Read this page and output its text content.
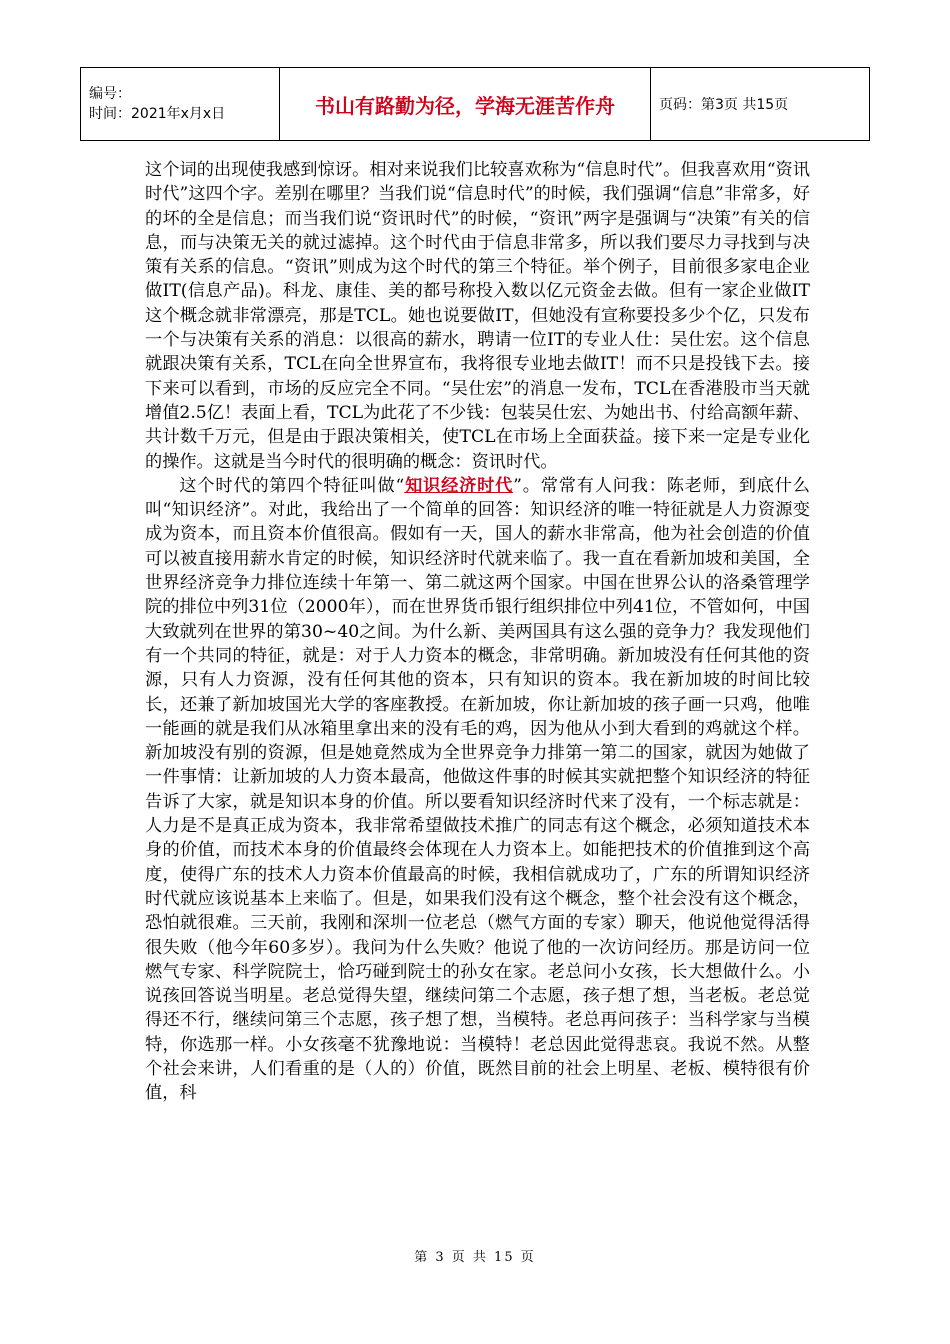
编号：
时间：2021年x月x日	书山有路勤为径，学海无涯苦作舟	页码：第3页 共15页

这个词的出现使我感到惊讶。相对来说我们比较喜欢称为“信息时代”。但我喜欢用“资讯时代”这四个字。差别在哪里？当我们说“信息时代”的时候，我们强调“信息”非常多，好的坏的全是信息；而当我们说“资讯时代”的时候，“资讯”两字是强调与“决策”有关的信息，而与决策无关的就过滤掉。这个时代由于信息非常多，所以我们要尽力寻找到与决策有关系的信息。“资讯”则成为这个时代的第三个特征。举个例子，目前很多家电企业做IT(信息产品)。科龙、康佳、美的都号称投入数以亿元资金去做。但有一家企业做IT这个概念就非常漂亮，那是TCL。她也说要做IT，但她没有宣称要投多少个亿，只发布一个与决策有关系的消息：以很高的薪水，聘请一位IT的专业人仕：吴仕宏。这个信息就跟决策有关系，TCL在向全世界宣布，我将很专业地去做IT！而不只是投钱下去。接下来可以看到，市场的反应完全不同。“吴仕宏”的消息一发布，TCL在香港股市当天就增值2.5亿！表面上看，TCL为此花了不少钱：包装吴仕宏、为她出书、付给高额年薪、共计数千万元，但是由于跟决策相关，使TCL在市场上全面获益。接下来一定是专业化的操作。这就是当今时代的很明确的概念：资讯时代。

这个时代的第四个特征叫做“知识经济时代”。常常有人问我：陈老师，到底什么叫“知识经济”。对此，我给出了一个简单的回答：知识经济的唯一特征就是人力资源变成为资本，而且资本价值很高。假如有一天，国人的薪水非常高，他为社会创造的价值可以被直接用薪水肯定的时候，知识经济时代就来临了。我一直在看新加坡和美国，全世界经济竞争力排位连续十年第一、第二就这两个国家。中国在世界公认的洛桑管理学院的排位中列31位（2000年），而在世界货币银行组织排位中列41位，不管如何，中国大致就列在世界的第30~40之间。为什么新、美两国具有这么强的竞争力？我发现他们有一个共同的特征，就是：对于人力资本的概念，非常明确。新加坡没有任何其他的资源，只有人力资源，没有任何其他的资本，只有知识的资本。我在新加坡的时间比较长，还兼了新加坡国光大学的客座教授。在新加坡，你让新加坡的孩子画一只鸡，他唯一能画的就是我们从冰箱里拿出来的没有毛的鸡，因为他从小到大看到的鸡就这个样。新加坡没有别的资源，但是她竟然成为全世界竞争力排第一第二的国家，就因为她做了一件事情：让新加坡的人力资本最高，他做这件事的时候其实就把整个知识经济的特征告诉了大家，就是知识本身的价值。所以要看知识经济时代来了没有，一个标志就是：人力是不是真正成为资本，我非常希望做技术推广的同志有这个概念，必须知道技术本身的价值，而技术本身的价值最终会体现在人力资本上。如能把技术的价值推到这个高度，使得广东的技术人力资本价值最高的时候，我相信就成功了，广东的所谓知识经济时代就应该说基本上来临了。但是，如果我们没有这个概念，整个社会没有这个概念，恐怕就很难。三天前，我刚和深圳一位老总（燃气方面的专家）聊天，他说他觉得活得很失败（他今年60多岁）。我问为什么失败？他说了他的一次访问经历。那是访问一位燃气专家、科学院院士，恰巧碰到院士的孙女在家。老总问小女孩，长大想做什么。小说孩回答说当明星。老总觉得失望，继续问第二个志愿，孩子想了想，当老板。老总觉得还不行，继续问第三个志愿，孩子想了想，当模特。老总再问孩子：当科学家与当模特，你选那一样。小女孩毫不犹豫地说：当模特！老总因此觉得悲哀。我说不然。从整个社会来讲，人们看重的是（人的）价值，既然目前的社会上明星、老板、模特很有价值，科

第 3 页 共 15 页
